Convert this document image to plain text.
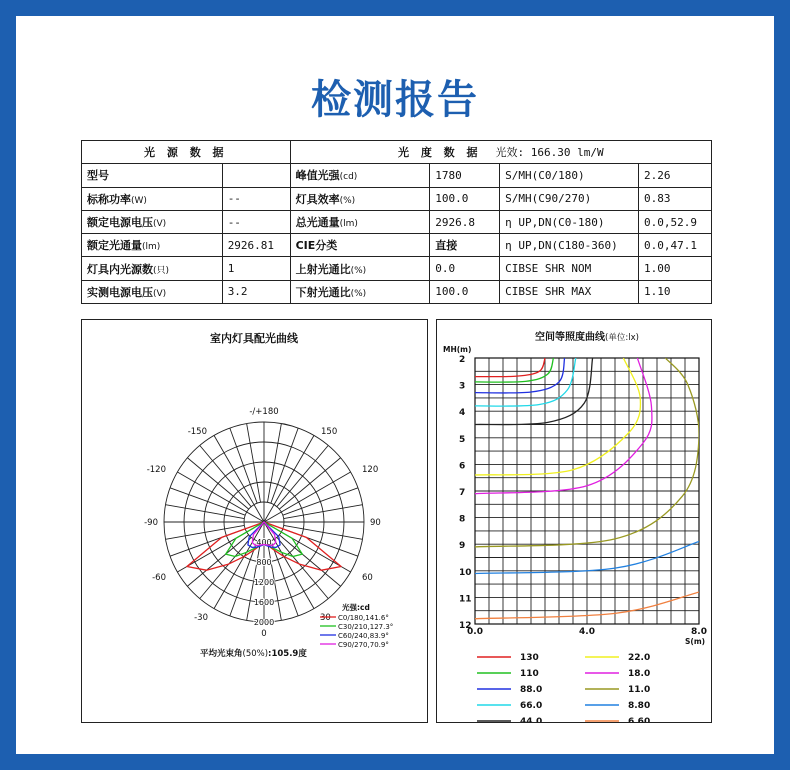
检测报告
光 源 数 据		光 度 数 据 光效: 166.30 lm/W			
型号		峰值光强(cd)	1780	S/MH(C0/180)	2.26
标称功率(W)	--	灯具效率(%)	100.0	S/MH(C90/270)	0.83
额定电源电压(V)	--	总光通量(lm)	2926.8	η UP,DN(C0-180)	0.0,52.9
额定光通量(lm)	2926.81	CIE分类	直接	η UP,DN(C180-360)	0.0,47.1
灯具内光源数(只)	1	上射光通比(%)	0.0	CIBSE SHR NOM	1.00
实测电源电压(V)	3.2	下射光通比(%)	100.0	CIBSE SHR MAX	1.10
室内灯具配光曲线
-/+180
0
-150	150
-120	120
-90	90
-60	60
-30	30
400
800
1200
1600
2000
光强:cd
C0/180,141.6°
C30/210,127.3°
C60/240,83.9°
C90/270,70.9°
平均光束角(50%):105.9度
空间等照度曲线(单位:lx)
MH(m)
2
3
4
5
6
7
8
9
10
11
12
0.0	4.0	8.0
S(m)
130
110
88.0
66.0
44.0
22.0
18.0
11.0
8.80
6.60
